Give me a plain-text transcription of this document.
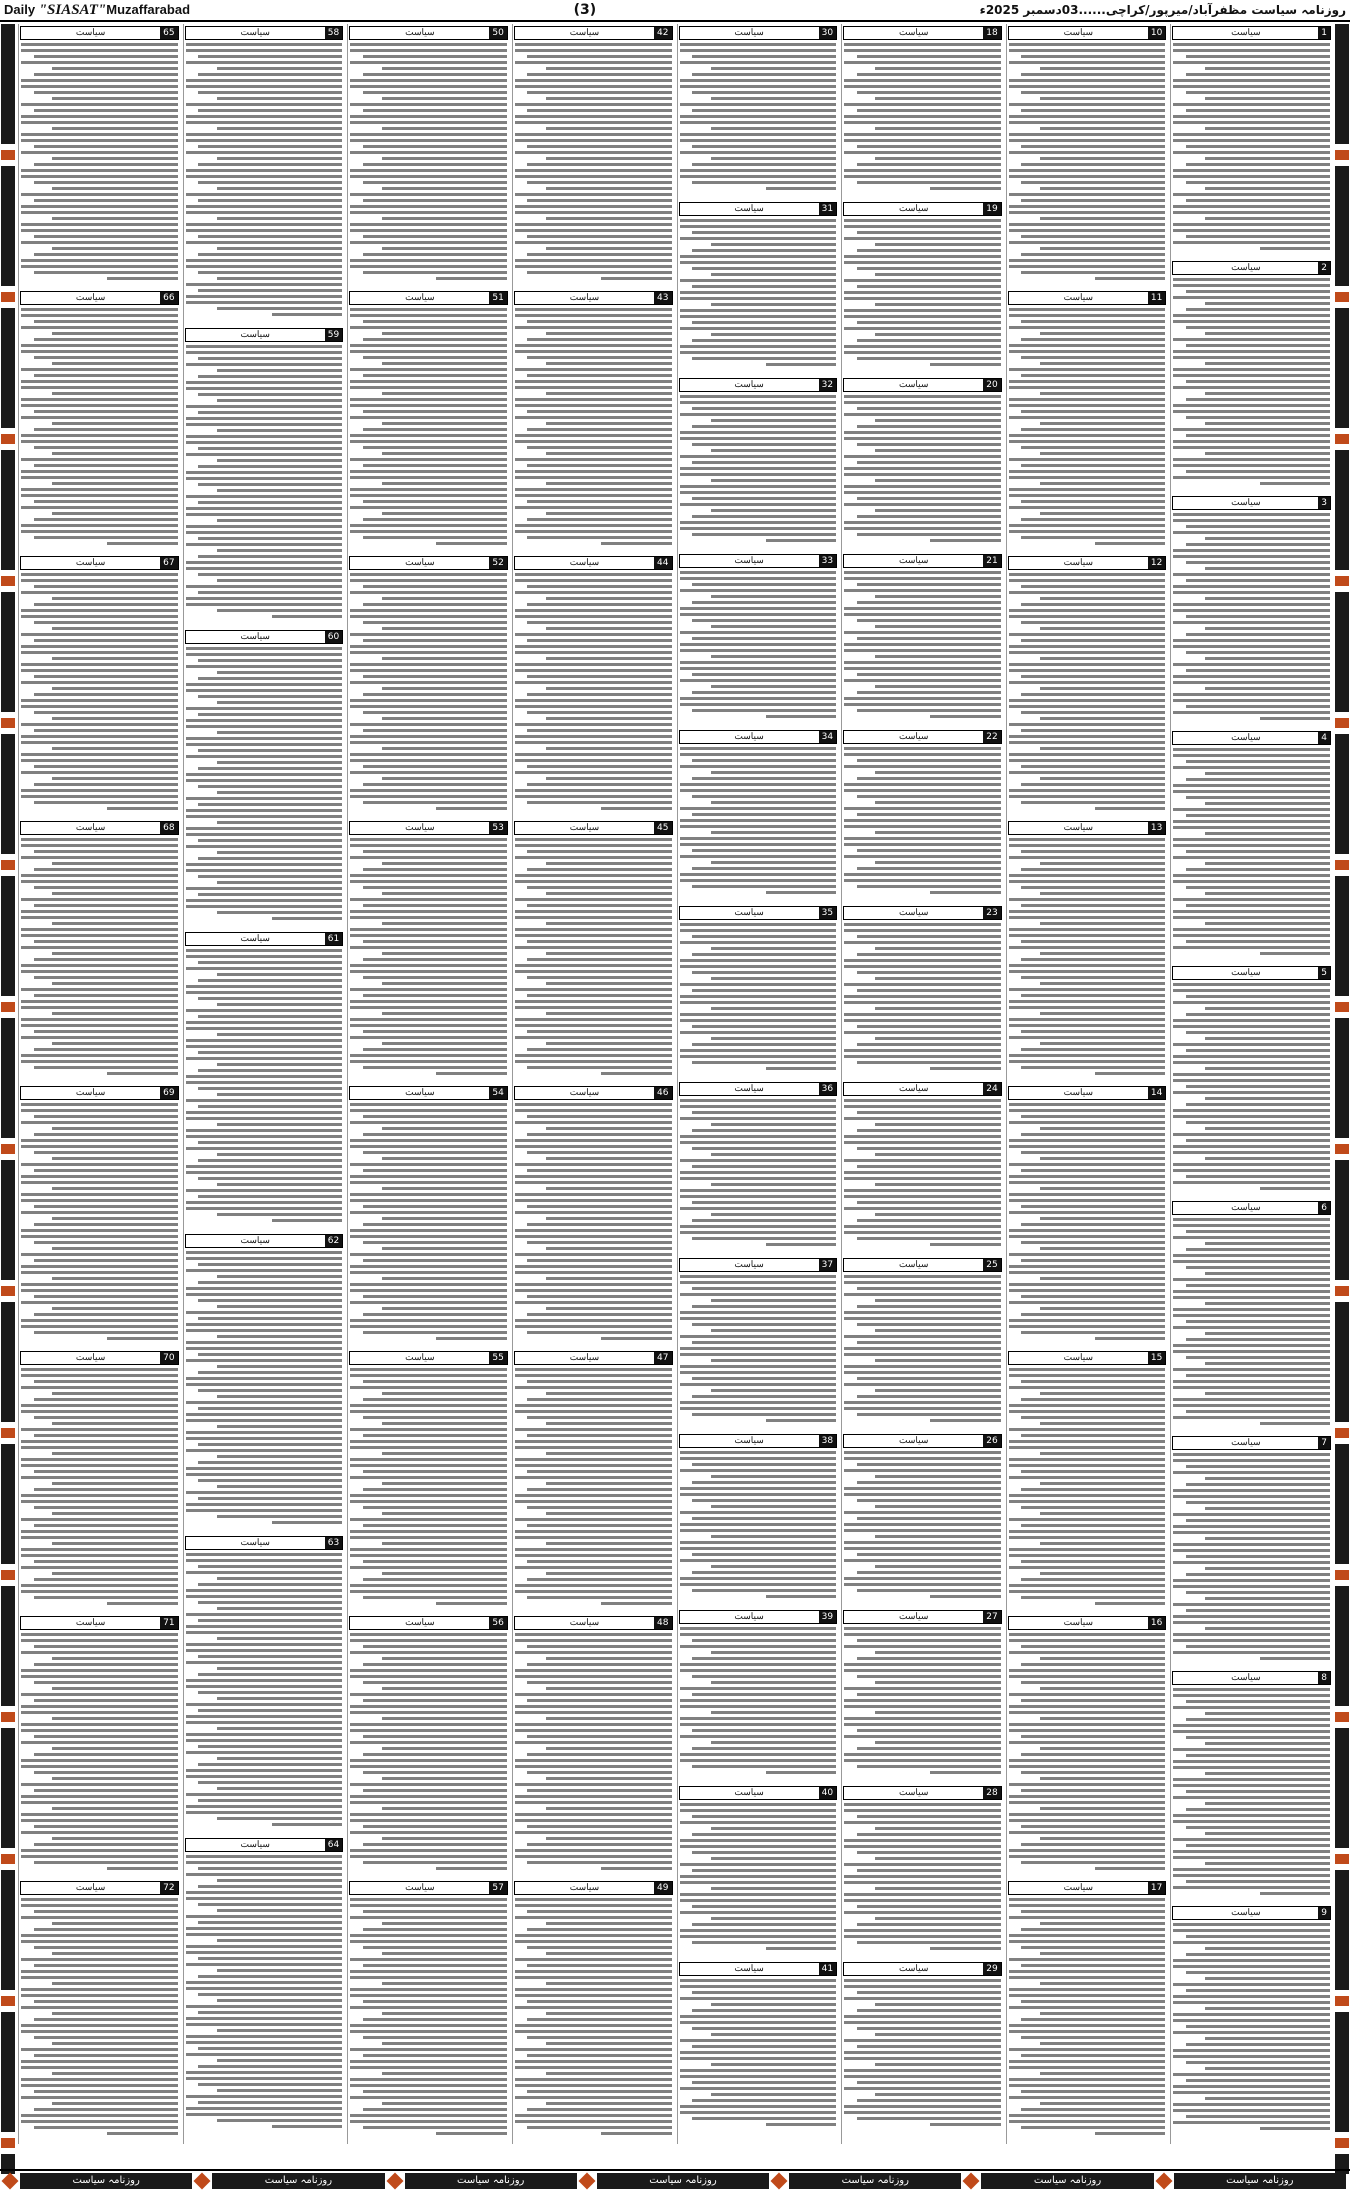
Daily "SIASAT"Muzaffarabad	(3)	روزنامہ سیاست مظفرآباد/میرپور/کراچی......03دسمبر 2025ء
1
سیاست
2
سیاست
3
سیاست
4
سیاست
5
سیاست
6
سیاست
7
سیاست
8
سیاست
9
سیاست
10
سیاست
11
سیاست
12
سیاست
13
سیاست
14
سیاست
15
سیاست
16
سیاست
17
سیاست
18
سیاست
19
سیاست
20
سیاست
21
سیاست
22
سیاست
23
سیاست
24
سیاست
25
سیاست
26
سیاست
27
سیاست
28
سیاست
29
سیاست
30
سیاست
31
سیاست
32
سیاست
33
سیاست
34
سیاست
35
سیاست
36
سیاست
37
سیاست
38
سیاست
39
سیاست
40
سیاست
41
سیاست
42
سیاست
43
سیاست
44
سیاست
45
سیاست
46
سیاست
47
سیاست
48
سیاست
49
سیاست
50
سیاست
51
سیاست
52
سیاست
53
سیاست
54
سیاست
55
سیاست
56
سیاست
57
سیاست
58
سیاست
59
سیاست
60
سیاست
61
سیاست
62
سیاست
63
سیاست
64
سیاست
65
سیاست
66
سیاست
67
سیاست
68
سیاست
69
سیاست
70
سیاست
71
سیاست
72
سیاست
روزنامہ سیاست	روزنامہ سیاست	روزنامہ سیاست	روزنامہ سیاست	روزنامہ سیاست	روزنامہ سیاست	روزنامہ سیاست
